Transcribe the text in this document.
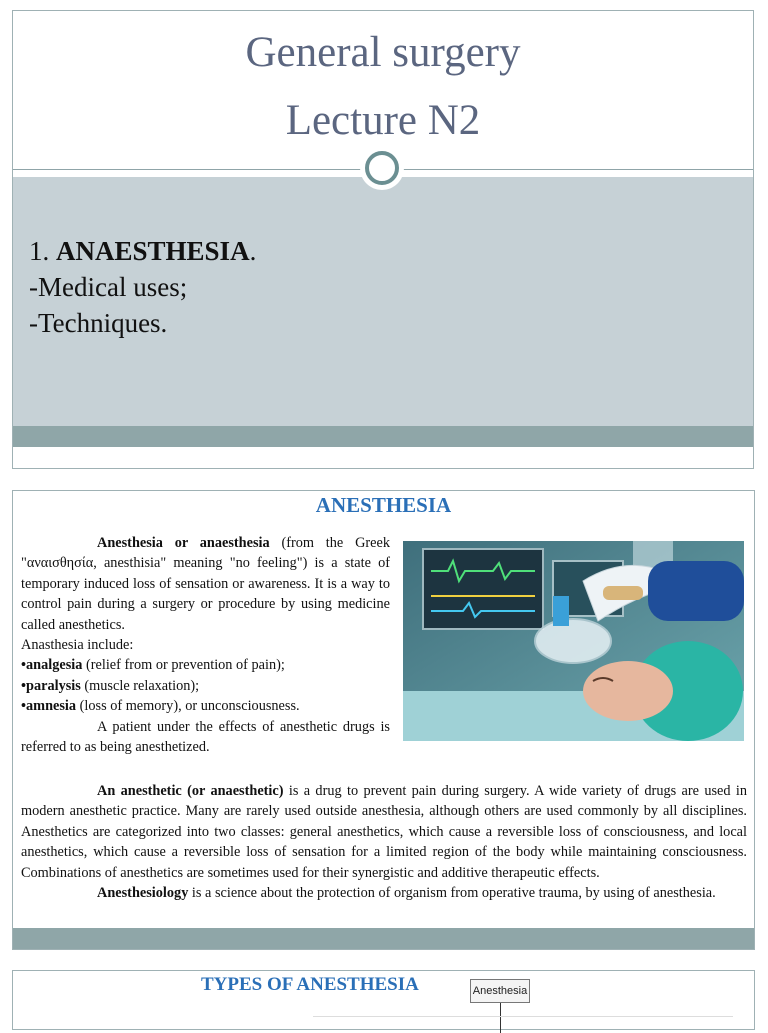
General surgery
Lecture N2
1. ANAESTHESIA.
-Medical uses;
-Techniques.
ANESTHESIA

Anesthesia or anaesthesia (from the Greek "αναισθησία, anesthisia" meaning "no feeling") is a state of temporary induced loss of sensation or awareness. It is a way to control pain during a surgery or procedure by using medicine called anesthetics.

Anasthesia include:

•analgesia (relief from or prevention of pain);

•paralysis (muscle relaxation);

•amnesia (loss of memory), or unconsciousness.

A patient under the effects of anesthetic drugs is referred to as being anesthetized.

An anesthetic (or anaesthetic) is a drug to prevent pain during surgery. A wide variety of drugs are used in modern anesthetic practice. Many are rarely used outside anesthesia, although others are used commonly by all disciplines. Anesthetics are categorized into two classes: general anesthetics, which cause a reversible loss of consciousness, and local anesthetics, which cause a reversible loss of sensation for a limited region of the body while maintaining consciousness. Combinations of anesthetics are sometimes used for their synergistic and additive therapeutic effects.

Anesthesiology is a science about the protection of organism from operative trauma, by using of anesthesia.

TYPES OF ANESTHESIA	Anesthesia
